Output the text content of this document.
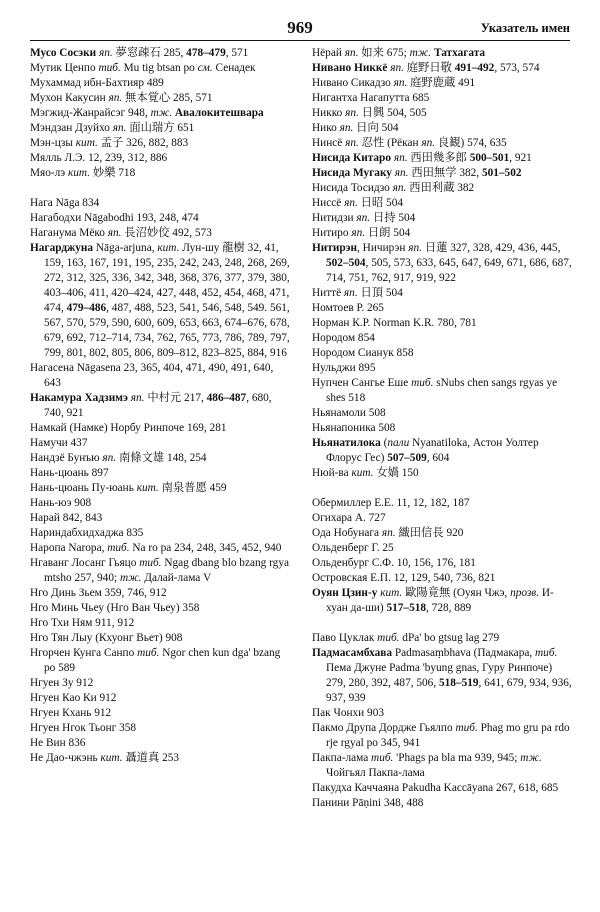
969	Указатель имен

Мусо Сосэки яп. 夢窓疎石 285, 478–479, 571

Мутик Ценпо тиб. Mu tig btsan po см. Сенадек

Мухаммад ибн-Бахтияр 489

Мухон Какусин яп. 無本覚心 285, 571

Мэгжид-Жанрайсэг 948, тж. Авалокитешвара

Мэндзан Дзуйхо яп. 面山瑞方 651

Мэн-цзы кит. 孟子 326, 882, 883

Мялль Л.Э. 12, 239, 312, 886

Мяо-лэ кит. 妙樂 718

Нага Nāga 834

Нагабодхи Nāgabodhi 193, 248, 474

Наганума Мёко яп. 長沼妙佼 492, 573

Нагарджуна Nāga-arjuna, кит. Лун-шу 龍樹 32, 41, 159, 163, 167, 191, 195, 235, 242, 243, 248, 268, 269, 272, 312, 325, 336, 342, 348, 368, 376, 377, 379, 380, 403–406, 411, 420–424, 427, 448, 452, 454, 468, 471, 474, 479–486, 487, 488, 523, 541, 546, 548, 549. 561, 567, 570, 579, 590, 600, 609, 653, 663, 674–676, 678, 679, 692, 712–714, 734, 762, 765, 773, 786, 789, 797, 799, 801, 802, 805, 806, 809–812, 823–825, 884, 916

Нагасена Nāgasena 23, 365, 404, 471, 490, 491, 640, 643

Накамура Хадзимэ яп. 中村元 217, 486–487, 680, 740, 921

Намкай (Намке) Норбу Ринпоче 169, 281

Намучи 437

Нандзё Бунъю яп. 南條文雄 148, 254

Нань-цюань 897

Нань-цюань Пу-юань кит. 南泉普愿 459

Нань-юэ 908

Нарай 842, 843

Нариндабхидхаджа 835

Наропа Naropa, тиб. Na ro pa 234, 248, 345, 452, 940

Нгаванг Лосанг Гьяцо тиб. Ngag dbang blo bzang rgya mtsho 257, 940; тж. Далай-лама V

Нго Динь Зьем 359, 746, 912

Нго Минь Чьеу (Нго Ван Чьеу) 358

Нго Тхи Ням 911, 912

Нго Тян Лыу (Кхуонг Вьет) 908

Нгорчен Кунга Санпо тиб. Ngor chen kun dga' bzang po 589

Нгуен Зу 912

Нгуен Као Ки 912

Нгуен Кхань 912

Нгуен Нгок Тьонг 358

Не Вин 836

Не Дао-чжэнь кит. 聶道真 253

Нёрай яп. 如来 675; тж. Татхагата

Нивано Никкё яп. 庭野日敬 491–492, 573, 574

Нивано Сикадзо яп. 庭野鹿蔵 491

Нигантха Нагапутта 685

Никко яп. 日興 504, 505

Нико яп. 日向 504

Нинсё яп. 忍性 (Рёкан яп. 良観) 574, 635

Нисида Китаро яп. 西田幾多郎 500–501, 921

Нисида Мугаку яп. 西田無学 382, 501–502

Нисида Тосидзо яп. 西田利蔵 382

Ниссё яп. 日昭 504

Нитидзи яп. 日持 504

Нитиро яп. 日朗 504

Нитирэн, Ничирэн яп. 日蓮 327, 328, 429, 436, 445, 502–504, 505, 573, 633, 645, 647, 649, 671, 686, 687, 714, 751, 762, 917, 919, 922

Ниттё яп. 日頂 504

Номтоев Р. 265

Норман К.Р. Norman K.R. 780, 781

Нородом 854

Нородом Сианук 858

Нульджи 895

Нупчен Сангье Еше тиб. sNubs chen sangs rgyas ye shes 518

Ньянамоли 508

Ньянапоника 508

Ньянатилока (пали Nyanatiloka, Астон Уолтер Флорус Гес) 507–509, 604

Нюй-ва кит. 女媧 150

Обермиллер Е.Е. 11, 12, 182, 187

Огихара А. 727

Ода Нобунага яп. 織田信長 920

Ольденберг Г. 25

Ольденбург С.Ф. 10, 156, 176, 181

Островская Е.П. 12, 129, 540, 736, 821

Оуян Цзин-у кит. 歐陽竟無 (Оуян Чжэ, прозв. И-хуан да-ши) 517–518, 728, 889

Паво Цуклак тиб. dPa' bo gtsug lag 279

Падмасамбхава Padmasaṃbhava (Падмакара, тиб. Пема Джуне Padma 'byung gnas, Гуру Ринпоче) 279, 280, 392, 487, 506, 518–519, 641, 679, 934, 936, 937, 939

Пак Чонхи 903

Пакмо Друпа Дордже Гьялпо тиб. Phag mo gru pa rdo rje rgyal po 345, 941

Пакпа-лама тиб. 'Phags pa bla ma 939, 945; тж. Чойгьял Пакпа-лама

Пакудха Каччаяна Pakudha Kaccāyana 267, 618, 685

Панини Pāṇini 348, 488
